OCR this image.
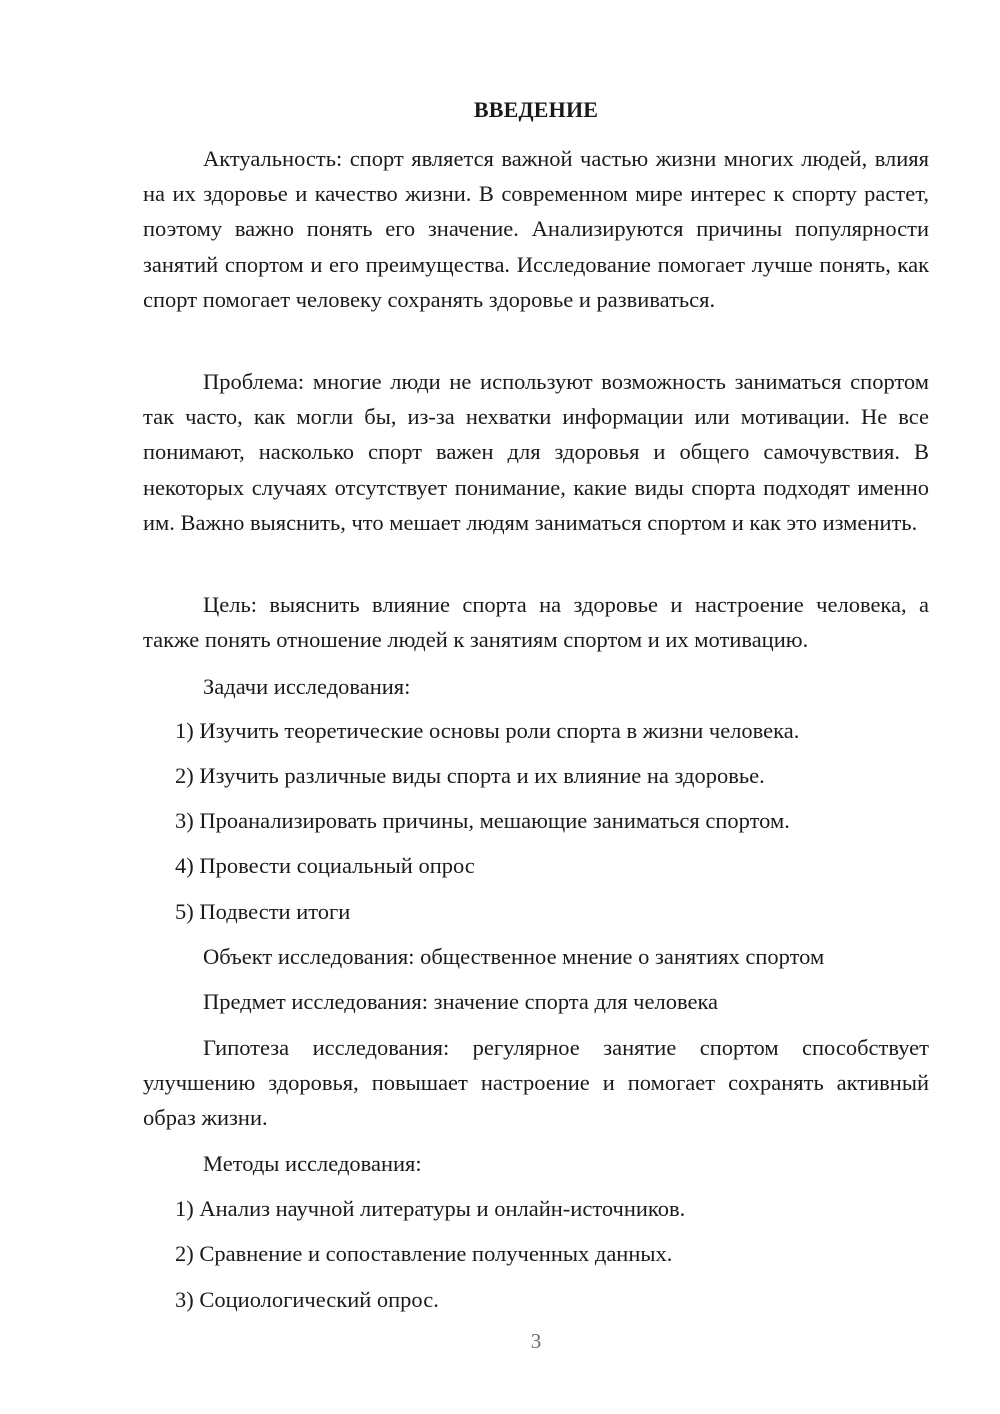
ВВЕДЕНИЕ

Актуальность: спорт является важной частью жизни многих людей, влияя на их здоровье и качество жизни. В современном мире интерес к спорту растет, поэтому важно понять его значение. Анализируются причины популярности занятий спортом и его преимущества. Исследование помогает лучше понять, как спорт помогает человеку сохранять здоровье и развиваться.

Проблема: многие люди не используют возможность заниматься спортом так часто, как могли бы, из-за нехватки информации или мотивации. Не все понимают, насколько спорт важен для здоровья и общего самочувствия. В некоторых случаях отсутствует понимание, какие виды спорта подходят именно им. Важно выяснить, что мешает людям заниматься спортом и как это изменить.

Цель: выяснить влияние спорта на здоровье и настроение человека, а также понять отношение людей к занятиям спортом и их мотивацию.

Задачи исследования:
1) Изучить теоретические основы роли спорта в жизни человека.
2) Изучить различные виды спорта и их влияние на здоровье.
3) Проанализировать причины, мешающие заниматься спортом.
4) Провести социальный опрос
5) Подвести итоги
Объект исследования: общественное мнение о занятиях спортом
Предмет исследования: значение спорта для человека

Гипотеза исследования: регулярное занятие спортом способствует улучшению здоровья, повышает настроение и помогает сохранять активный образ жизни.

Методы исследования:
1) Анализ научной литературы и онлайн-источников.
2) Сравнение и сопоставление полученных данных.
3) Социологический опрос.
3
